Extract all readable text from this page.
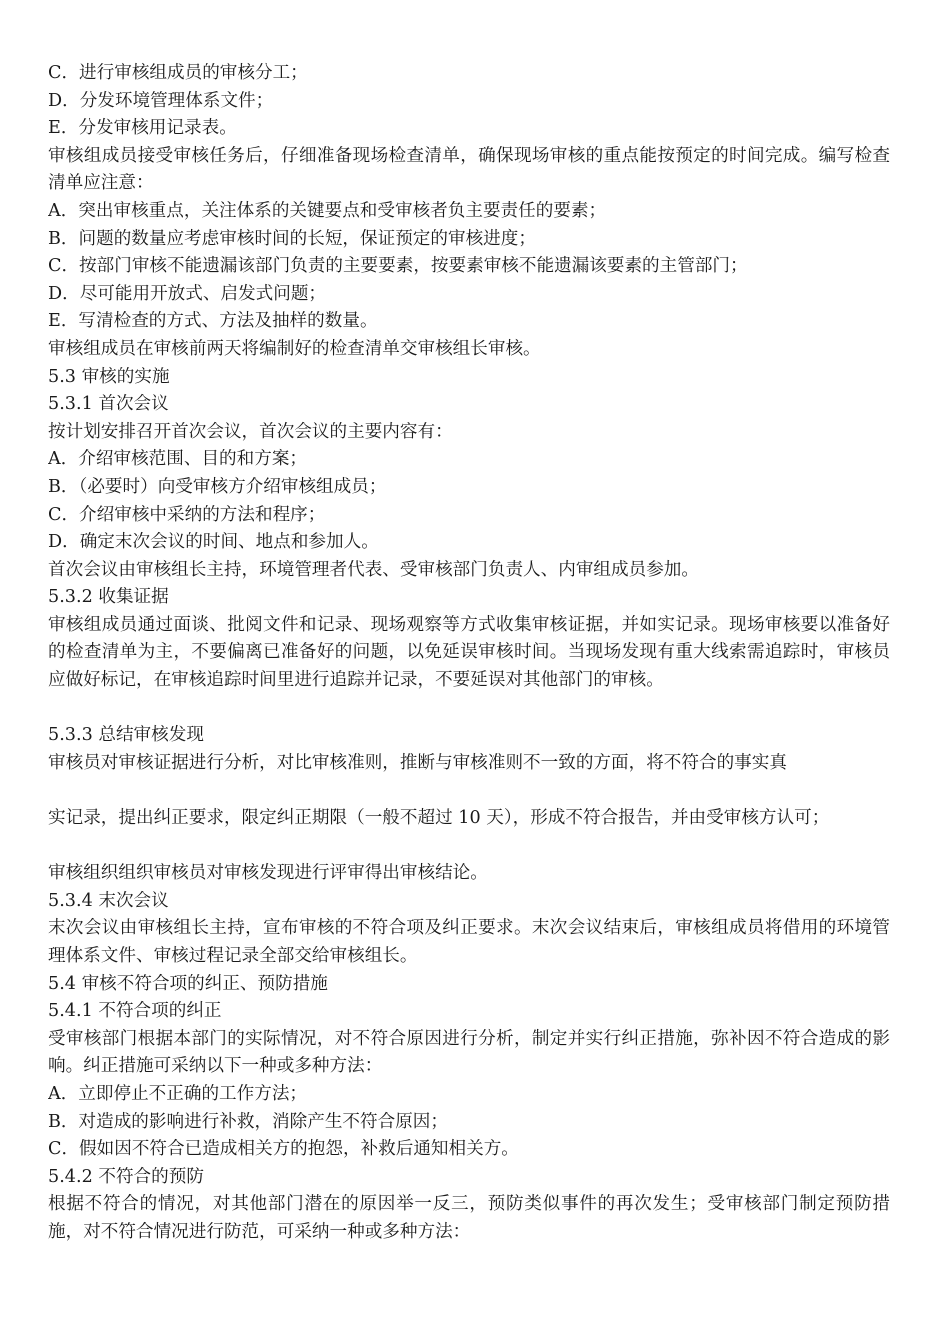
C．进行审核组成员的审核分工；
D．分发环境管理体系文件；
E．分发审核用记录表。
审核组成员接受审核任务后，仔细准备现场检查清单，确保现场审核的重点能按预定的时间完成。编写检查清单应注意：
A．突出审核重点，关注体系的关键要点和受审核者负主要责任的要素；
B．问题的数量应考虑审核时间的长短，保证预定的审核进度；
C．按部门审核不能遗漏该部门负责的主要要素，按要素审核不能遗漏该要素的主管部门；
D．尽可能用开放式、启发式问题；
E．写清检查的方式、方法及抽样的数量。
审核组成员在审核前两天将编制好的检查清单交审核组长审核。
5.3 审核的实施
5.3.1 首次会议
按计划安排召开首次会议，首次会议的主要内容有：
A．介绍审核范围、目的和方案；
B．（必要时）向受审核方介绍审核组成员；
C．介绍审核中采纳的方法和程序；
D．确定末次会议的时间、地点和参加人。
首次会议由审核组长主持，环境管理者代表、受审核部门负责人、内审组成员参加。
5.3.2 收集证据
审核组成员通过面谈、批阅文件和记录、现场观察等方式收集审核证据，并如实记录。现场审核要以准备好的检查清单为主，不要偏离已准备好的问题，以免延误审核时间。当现场发现有重大线索需追踪时，审核员应做好标记，在审核追踪时间里进行追踪并记录，不要延误对其他部门的审核。
5.3.3 总结审核发现
审核员对审核证据进行分析，对比审核准则，推断与审核准则不一致的方面，将不符合的事实真
实记录，提出纠正要求，限定纠正期限（一般不超过 10 天），形成不符合报告，并由受审核方认可；
审核组织组织审核员对审核发现进行评审得出审核结论。
5.3.4 末次会议
末次会议由审核组长主持，宣布审核的不符合项及纠正要求。末次会议结束后，审核组成员将借用的环境管理体系文件、审核过程记录全部交给审核组长。
5.4 审核不符合项的纠正、预防措施
5.4.1 不符合项的纠正
受审核部门根据本部门的实际情况，对不符合原因进行分析，制定并实行纠正措施，弥补因不符合造成的影响。纠正措施可采纳以下一种或多种方法：
A．立即停止不正确的工作方法；
B．对造成的影响进行补救，消除产生不符合原因；
C．假如因不符合已造成相关方的抱怨，补救后通知相关方。
5.4.2 不符合的预防
根据不符合的情况，对其他部门潜在的原因举一反三，预防类似事件的再次发生；受审核部门制定预防措施，对不符合情况进行防范，可采纳一种或多种方法：
